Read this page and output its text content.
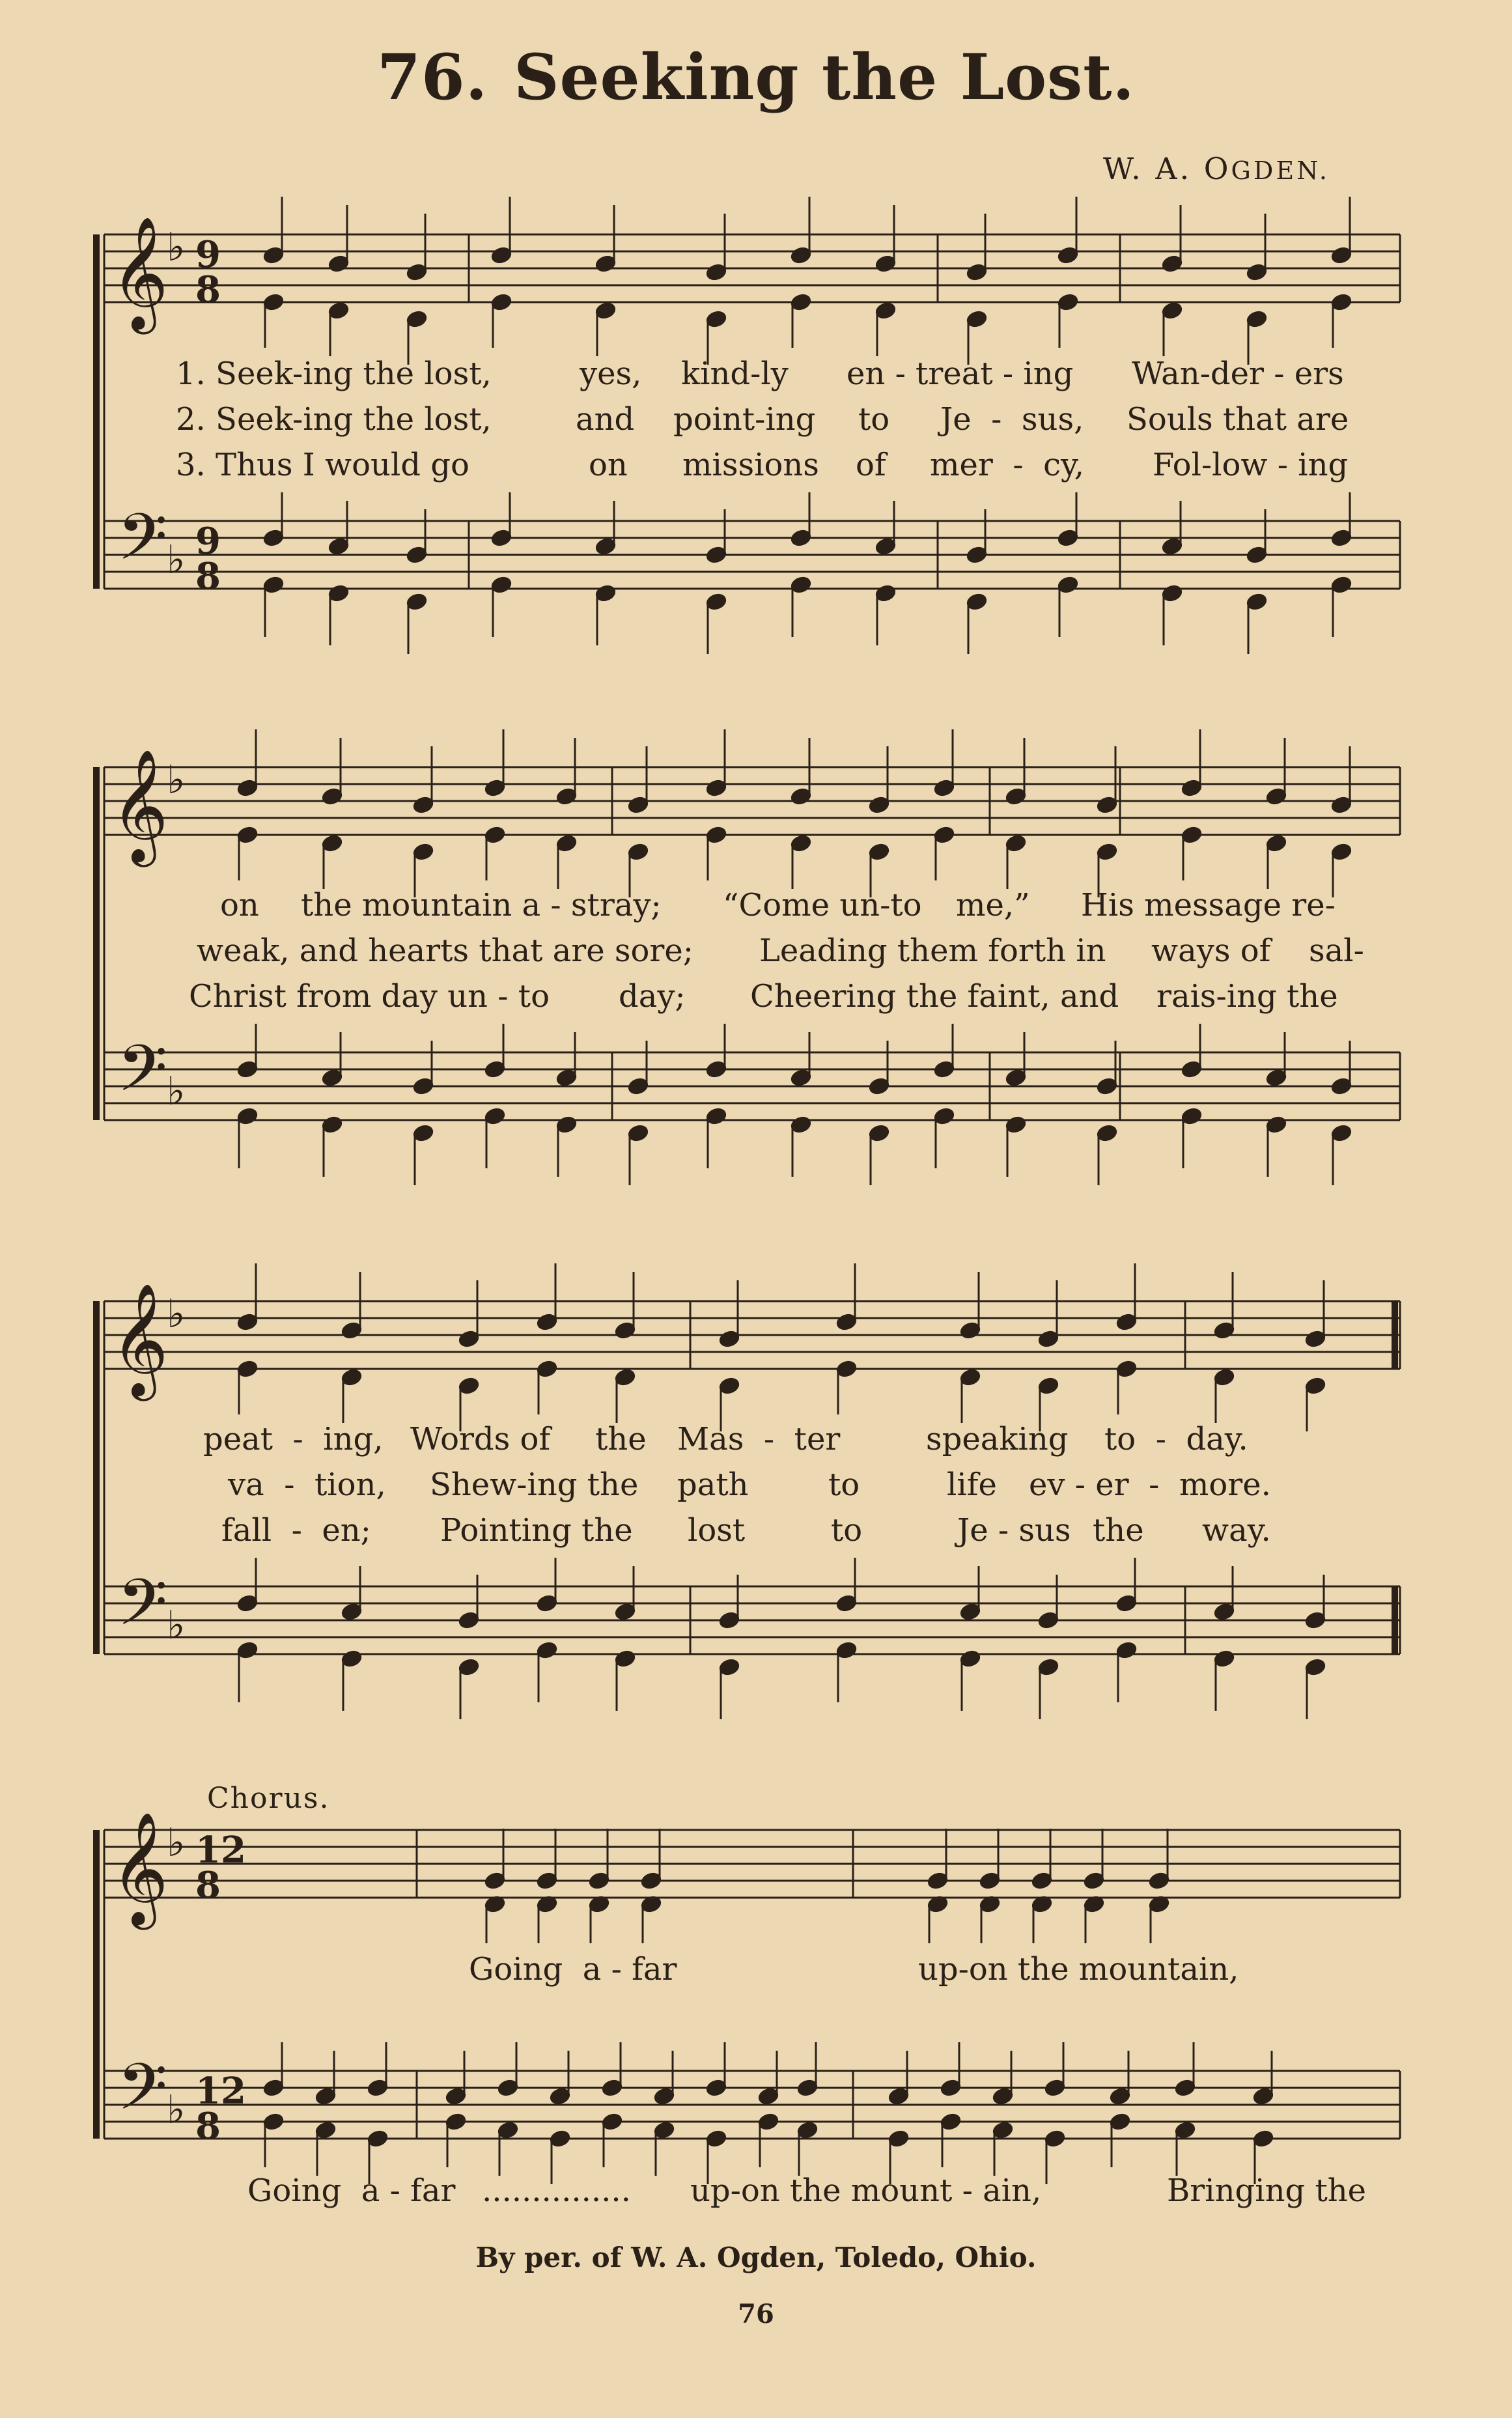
76. Seeking the Lost.
W. A. OGDEN.
𝄞
𝄢
♭
♭
9
8
9
8
𝄞
𝄢
♭
♭
𝄞
𝄢
♭
♭
𝄞
𝄢
♭
♭
12
8
12
8
1. Seek-ing the lost,	yes, kind-ly en - treat - ing Wan-der - ers
2. Seek-ing the lost,	and point-ing to Je  -  sus, Souls that are
3. Thus I would go	on missions of mer  -  cy, Fol-low - ing
on the mountain a - stray; “Come un-to me,” His message re-
weak, and hearts that are sore; Leading them forth in ways of sal-
Christ from day un - to day; Cheering the faint, and rais-ing the
peat  -  ing, Words of the Mas  -  ter	speaking to  -  day.
va  -  tion, Shew-ing the path	to	life ev - er  -  more.
fall  -  en; Pointing the lost	to	Je - sus the way.
Chorus.
Going  a - far	up-on the mountain,
Going  a - far ............... up-on the mount - ain,	Bringing the
By per. of W. A. Ogden, Toledo, Ohio.
76
